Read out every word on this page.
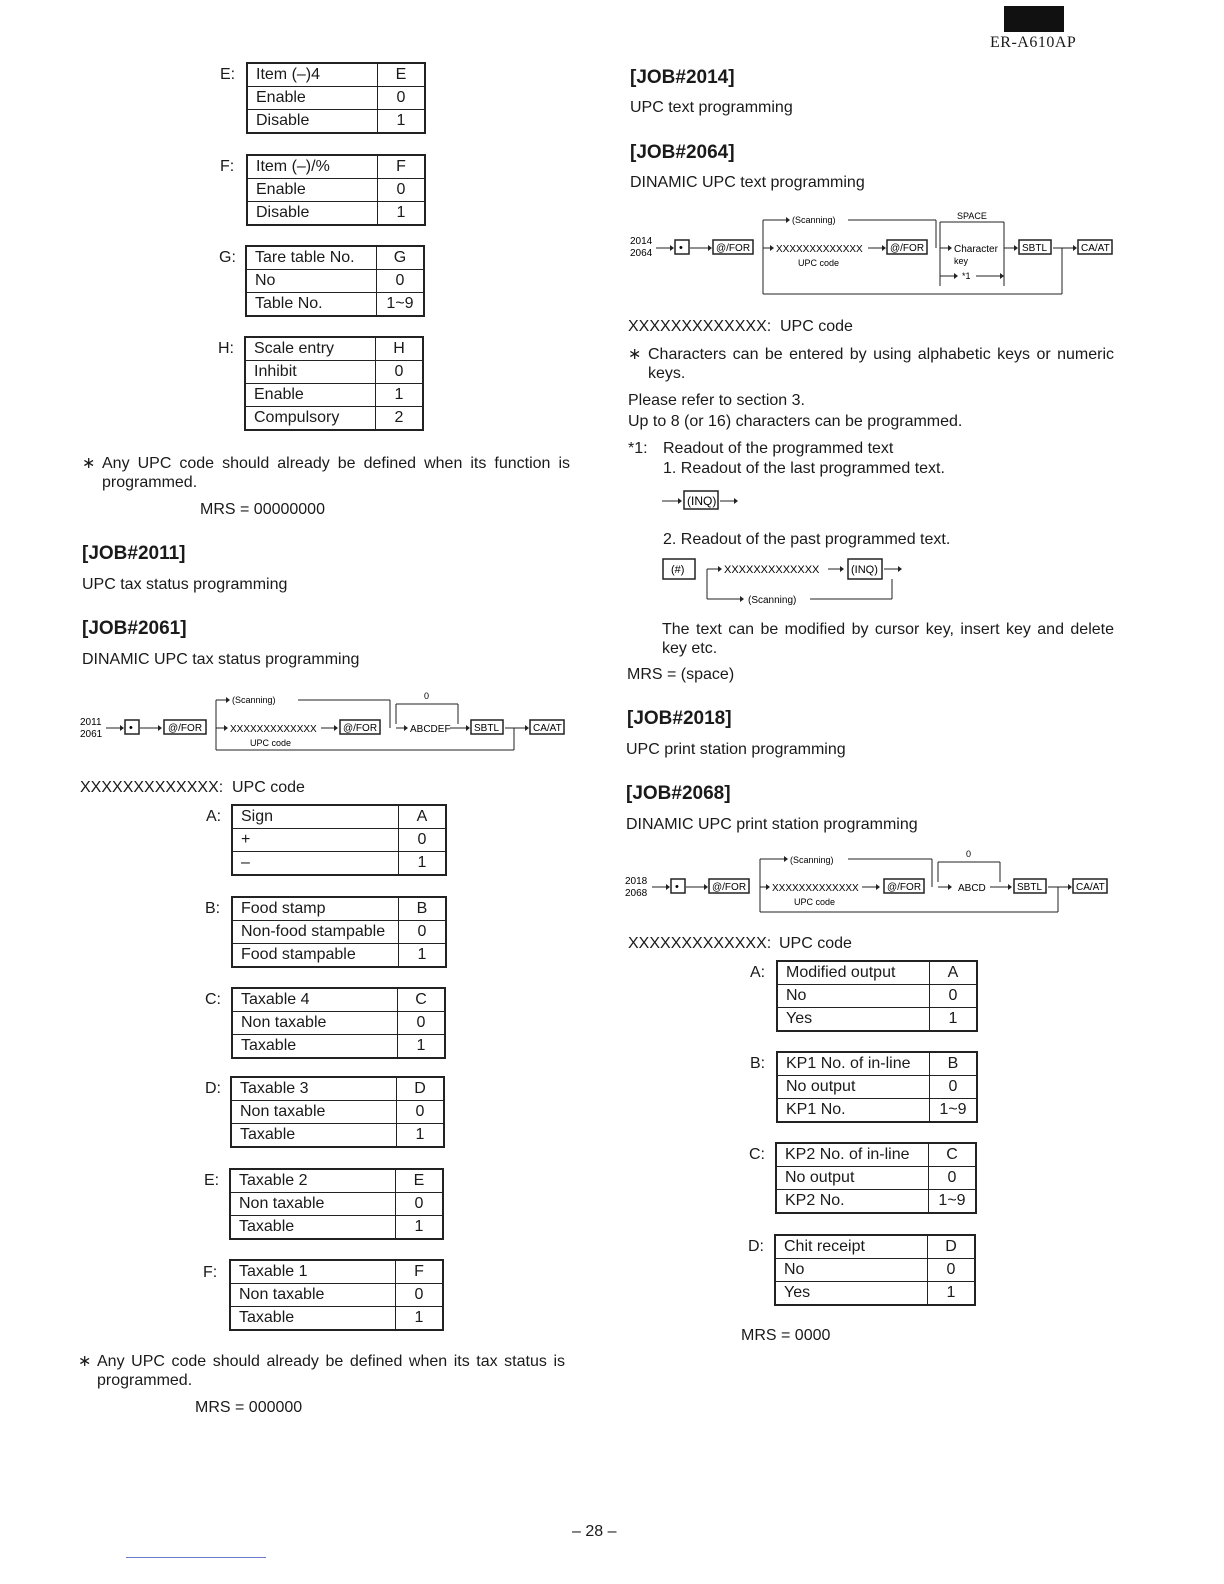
ER-A610AP
E: Item (–)4	E
Enable	0
Disable	1
F: Item (–)/%	F
Enable	0
Disable	1
G: Tare table No.	G
No	0
Table No.	1~9
H: Scale entry	H
Inhibit	0
Enable	1
Compulsory	2
∗ Any UPC code should already be defined when its function is programmed.
MRS = 00000000
[JOB#2011]
UPC tax status programming
[JOB#2061]
DINAMIC UPC tax status programming
2011
2061
•	@/FOR
(Scanning)
XXXXXXXXXXXXX
UPC code
@/FOR
0
ABCDEF SBTL	CA/AT
XXXXXXXXXXXXX: UPC code
A: Sign	A
+	0
–	1
B: Food stamp	B
Non-food stampable	0
Food stampable	1
C: Taxable 4	C
Non taxable	0
Taxable	1
D: Taxable 3	D
Non taxable	0
Taxable	1
E: Taxable 2	E
Non taxable	0
Taxable	1
F: Taxable 1	F
Non taxable	0
Taxable	1
∗ Any UPC code should already be defined when its tax status is programmed.
MRS = 000000
[JOB#2014]
UPC text programming
[JOB#2064]
DINAMIC UPC text programming
2014
2064 •	@/FOR
(Scanning)
XXXXXXXXXXXXX
UPC code
@/FOR
SPACE
Character
key
*1
SBTL	CA/AT
XXXXXXXXXXXXX: UPC code
∗ Characters can be entered by using alphabetic keys or numeric keys.
Please refer to section 3.
Up to 8 (or 16) characters can be programmed.
*1: Readout of the programmed text
1. Readout of the last programmed text.
(INQ)
2. Readout of the past programmed text.
(#)	XXXXXXXXXXXXX	(INQ)
(Scanning)
The text can be modified by cursor key, insert key and delete key etc.
MRS = (space)
[JOB#2018]
UPC print station programming
[JOB#2068]
DINAMIC UPC print station programming
2018
2068
•	@/FOR
(Scanning)
XXXXXXXXXXXXX
UPC code
@/FOR
0
ABCD	SBTL	CA/AT
XXXXXXXXXXXXX: UPC code
A: Modified output	A
No	0
Yes	1
B: KP1 No. of in-line	B
No output	0
KP1 No.	1~9
C: KP2 No. of in-line	C
No output	0
KP2 No.	1~9
D: Chit receipt	D
No	0
Yes	1
MRS = 0000
– 28 –
